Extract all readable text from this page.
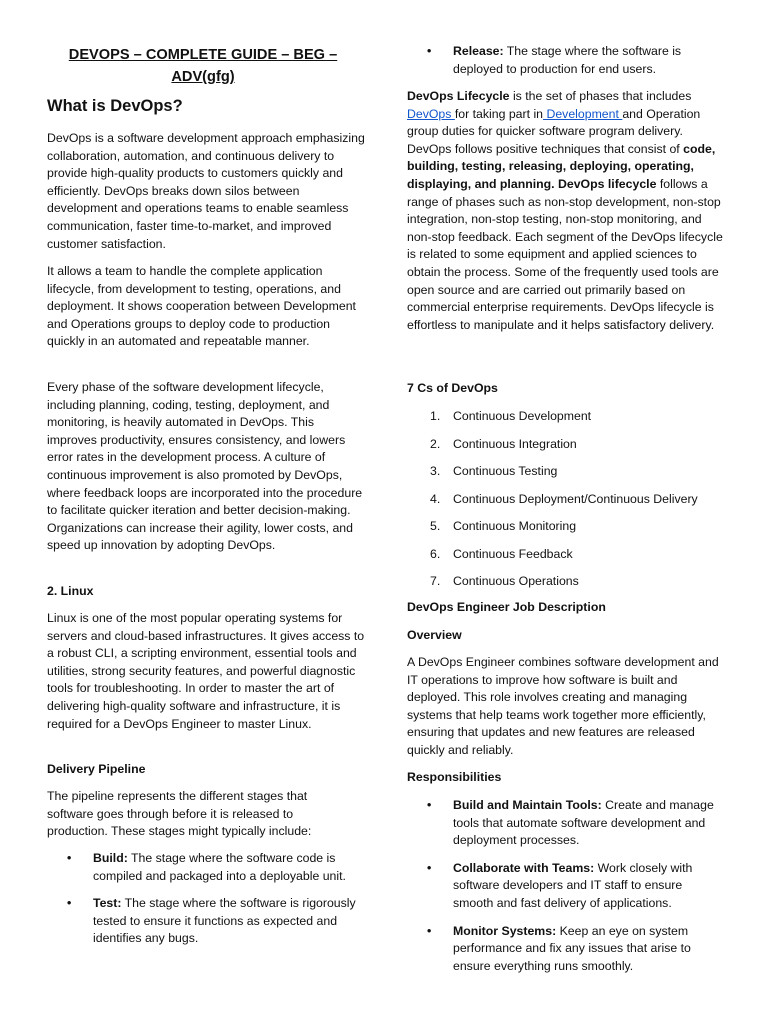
DEVOPS – COMPLETE GUIDE – BEG – ADV(gfg)
What is DevOps?

DevOps is a software development approach emphasizing collaboration, automation, and continuous delivery to provide high-quality products to customers quickly and efficiently. DevOps breaks down silos between development and operations teams to enable seamless communication, faster time-to-market, and improved customer satisfaction.

It allows a team to handle the complete application lifecycle, from development to testing, operations, and deployment. It shows cooperation between Development and Operations groups to deploy code to production quickly in an automated and repeatable manner.

Every phase of the software development lifecycle, including planning, coding, testing, deployment, and monitoring, is heavily automated in DevOps. This improves productivity, ensures consistency, and lowers error rates in the development process. A culture of continuous improvement is also promoted by DevOps, where feedback loops are incorporated into the procedure to facilitate quicker iteration and better decision-making. Organizations can increase their agility, lower costs, and speed up innovation by adopting DevOps.

2. Linux

Linux is one of the most popular operating systems for servers and cloud-based infrastructures. It gives access to a robust CLI, a scripting environment, essential tools and utilities, strong security features, and powerful diagnostic tools for troubleshooting. In order to master the art of delivering high-quality software and infrastructure, it is required for a DevOps Engineer to master Linux.

Delivery Pipeline

The pipeline represents the different stages that software goes through before it is released to production. These stages might typically include:

• Build: The stage where the software code is compiled and packaged into a deployable unit.
• Test: The stage where the software is rigorously tested to ensure it functions as expected and identifies any bugs.
• Release: The stage where the software is deployed to production for end users.

DevOps Lifecycle is the set of phases that includes DevOps for taking part in Development and Operation group duties for quicker software program delivery. DevOps follows positive techniques that consist of code, building, testing, releasing, deploying, operating, displaying, and planning. DevOps lifecycle follows a range of phases such as non-stop development, non-stop integration, non-stop testing, non-stop monitoring, and non-stop feedback. Each segment of the DevOps lifecycle is related to some equipment and applied sciences to obtain the process. Some of the frequently used tools are open source and are carried out primarily based on commercial enterprise requirements. DevOps lifecycle is effortless to manipulate and it helps satisfactory delivery.

7 Cs of DevOps

1.	Continuous Development
2.	Continuous Integration
3.	Continuous Testing
4.	Continuous Deployment/Continuous Delivery
5.	Continuous Monitoring
6.	Continuous Feedback
7.	Continuous Operations

DevOps Engineer Job Description

Overview

A DevOps Engineer combines software development and IT operations to improve how software is built and deployed. This role involves creating and managing systems that help teams work together more efficiently, ensuring that updates and new features are released quickly and reliably.

Responsibilities

• Build and Maintain Tools: Create and manage tools that automate software development and deployment processes.
• Collaborate with Teams: Work closely with software developers and IT staff to ensure smooth and fast delivery of applications.
• Monitor Systems: Keep an eye on system performance and fix any issues that arise to ensure everything runs smoothly.
